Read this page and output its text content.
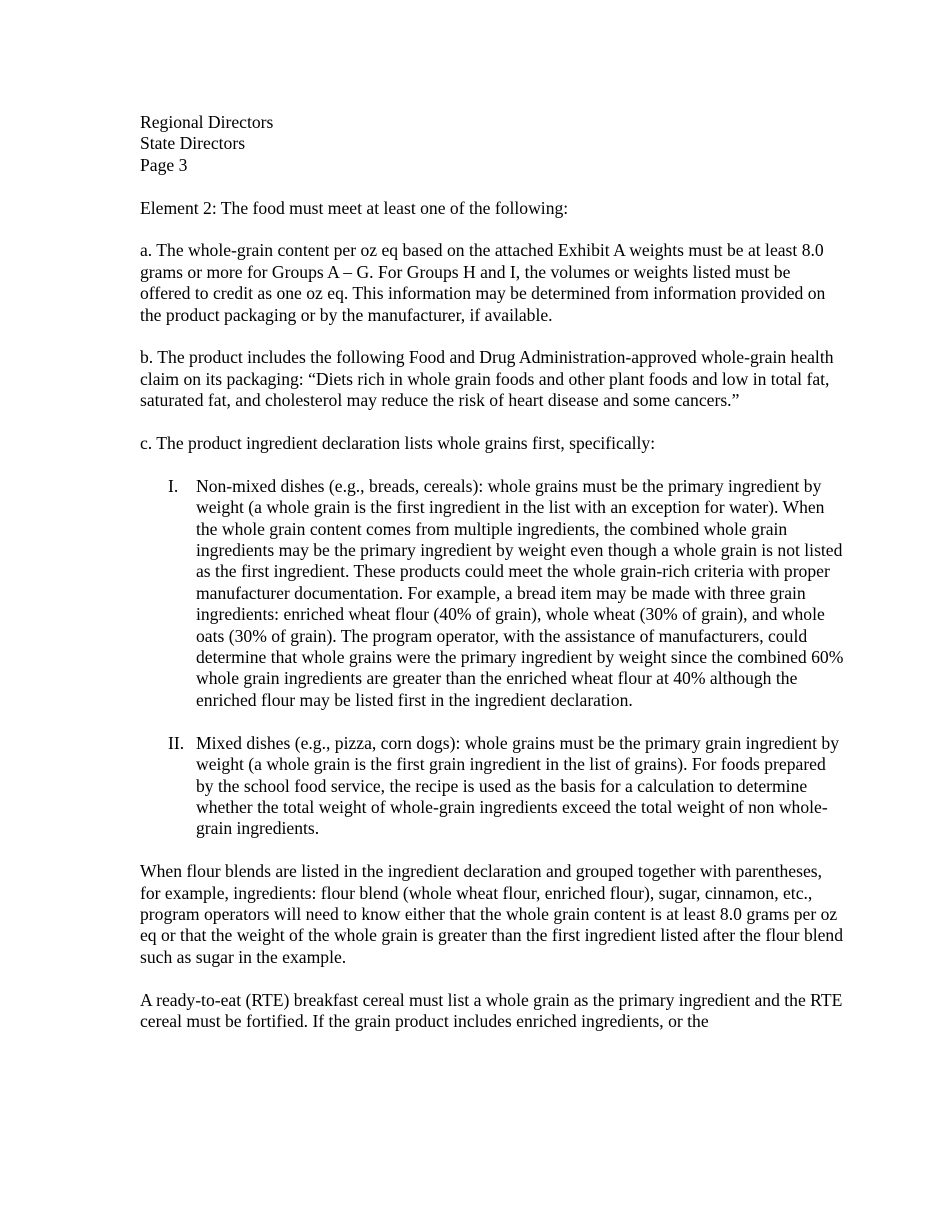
Regional Directors

State Directors

Page 3

Element 2: The food must meet at least one of the following:

a. The whole-grain content per oz eq based on the attached Exhibit A weights must be at least 8.0 grams or more for Groups A – G. For Groups H and I, the volumes or weights listed must be offered to credit as one oz eq. This information may be determined from information provided on the product packaging or by the manufacturer, if available.

b. The product includes the following Food and Drug Administration-approved whole-grain health claim on its packaging: “Diets rich in whole grain foods and other plant foods and low in total fat, saturated fat, and cholesterol may reduce the risk of heart disease and some cancers.”

c. The product ingredient declaration lists whole grains first, specifically:

I.	Non-mixed dishes (e.g., breads, cereals): whole grains must be the primary ingredient by weight (a whole grain is the first ingredient in the list with an exception for water). When the whole grain content comes from multiple ingredients, the combined whole grain ingredients may be the primary ingredient by weight even though a whole grain is not listed as the first ingredient. These products could meet the whole grain-rich criteria with proper manufacturer documentation. For example, a bread item may be made with three grain ingredients: enriched wheat flour (40% of grain), whole wheat (30% of grain), and whole oats (30% of grain). The program operator, with the assistance of manufacturers, could determine that whole grains were the primary ingredient by weight since the combined 60% whole grain ingredients are greater than the enriched wheat flour at 40% although the enriched flour may be listed first in the ingredient declaration.
II. Mixed dishes (e.g., pizza, corn dogs): whole grains must be the primary grain ingredient by weight (a whole grain is the first grain ingredient in the list of grains). For foods prepared by the school food service, the recipe is used as the basis for a calculation to determine whether the total weight of whole-grain ingredients exceed the total weight of non whole-grain ingredients.

When flour blends are listed in the ingredient declaration and grouped together with parentheses, for example, ingredients: flour blend (whole wheat flour, enriched flour), sugar, cinnamon, etc., program operators will need to know either that the whole grain content is at least 8.0 grams per oz eq or that the weight of the whole grain is greater than the first ingredient listed after the flour blend such as sugar in the example.

A ready-to-eat (RTE) breakfast cereal must list a whole grain as the primary ingredient and the RTE cereal must be fortified. If the grain product includes enriched ingredients, or the
